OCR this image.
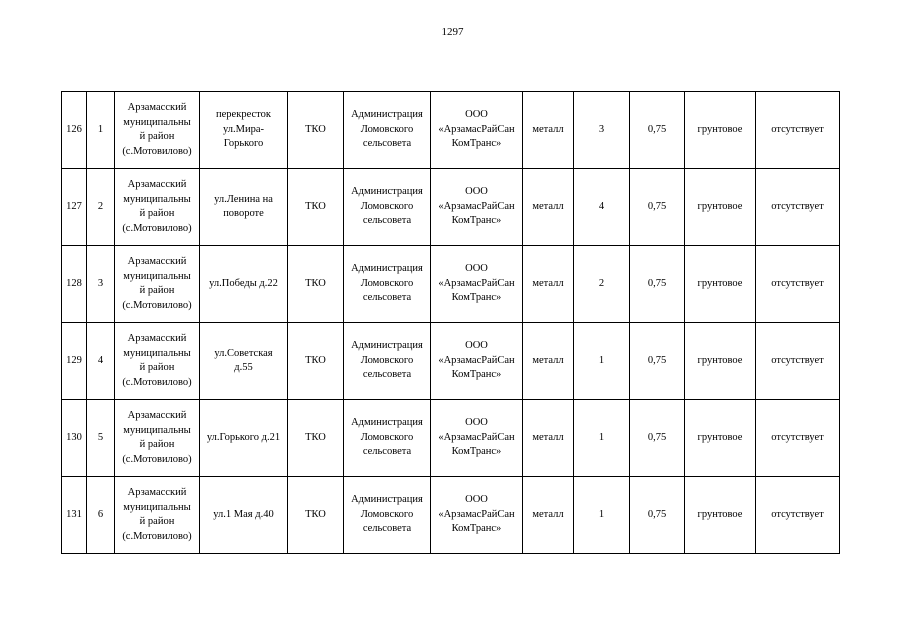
1297
126	1	Арзамасский
муниципальны
й район
(с.Мотовилово)	перекресток
ул.Мира-
Горького	ТКО	Администрация
Ломовского
сельсовета	ООО
«АрзамасРайСан
КомТранс»	металл	3	0,75	грунтовое	отсутствует
127	2	Арзамасский
муниципальны
й район
(с.Мотовилово)	ул.Ленина на
повороте	ТКО	Администрация
Ломовского
сельсовета	ООО
«АрзамасРайСан
КомТранс»	металл	4	0,75	грунтовое	отсутствует
128	3	Арзамасский
муниципальны
й район
(с.Мотовилово)	ул.Победы д.22	ТКО	Администрация
Ломовского
сельсовета	ООО
«АрзамасРайСан
КомТранс»	металл	2	0,75	грунтовое	отсутствует
129	4	Арзамасский
муниципальны
й район
(с.Мотовилово)	ул.Советская
д.55	ТКО	Администрация
Ломовского
сельсовета	ООО
«АрзамасРайСан
КомТранс»	металл	1	0,75	грунтовое	отсутствует
130	5	Арзамасский
муниципальны
й район
(с.Мотовилово)	ул.Горького д.21	ТКО	Администрация
Ломовского
сельсовета	ООО
«АрзамасРайСан
КомТранс»	металл	1	0,75	грунтовое	отсутствует
131	6	Арзамасский
муниципальны
й район
(с.Мотовилово)	ул.1 Мая д.40	ТКО	Администрация
Ломовского
сельсовета	ООО
«АрзамасРайСан
КомТранс»	металл	1	0,75	грунтовое	отсутствует
